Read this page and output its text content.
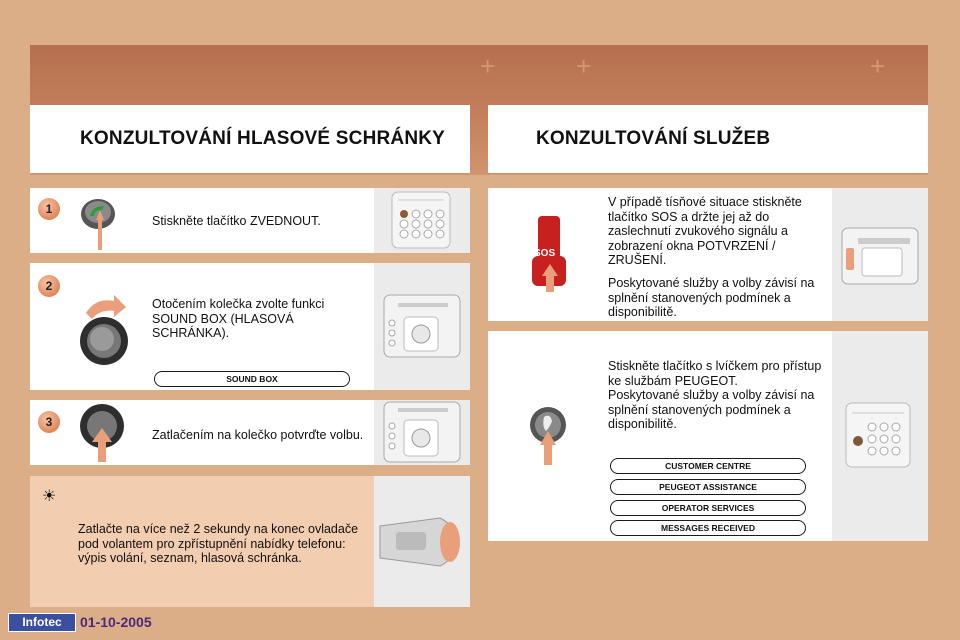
+	+	+
KONZULTOVÁNÍ HLASOVÉ SCHRÁNKY	KONZULTOVÁNÍ SLUŽEB
Stiskněte tlačítko ZVEDNOUT.
1
Otočením kolečka zvolte funkci SOUND BOX (HLASOVÁ SCHRÁNKA).
SOUND BOX
2
Zatlačením na kolečko potvrďte volbu.
3
☀
Zatlačte na více než 2 sekundy na konec ovladače pod volantem pro zpřístupnění nabídky telefonu: výpis volání, seznam, hlasová schránka.
V případě tísňové situace stiskněte tlačítko SOS a držte jej až do zaslechnutí zvukového signálu a zobrazení okna POTVRZENÍ / ZRUŠENÍ.
Poskytované služby a volby závisí na splnění stanovených podmínek a disponibilitě.
SOS
Stiskněte tlačítko s lvíčkem pro přístup ke službám PEUGEOT.
Poskytované služby a volby závisí na splnění stanovených podmínek a disponibilitě.
CUSTOMER CENTRE
PEUGEOT ASSISTANCE
OPERATOR SERVICES
MESSAGES RECEIVED
Infotec	01-10-2005
